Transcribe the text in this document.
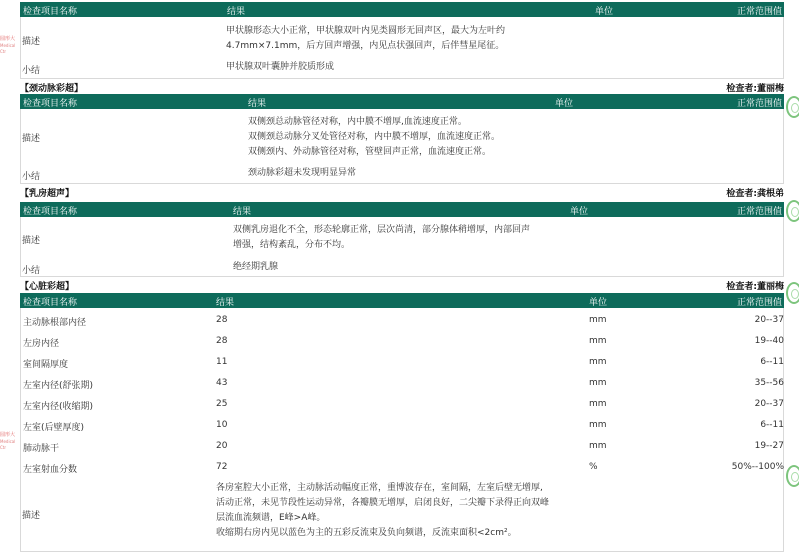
检查项目名称	结果	单位	正常范围值
描述
甲状腺形态大小正常，甲状腺双叶内见类圆形无回声区，最大为左叶约
4.7mm×7.1mm，后方回声增强，内见点状强回声，后伴彗星尾征。
小结	甲状腺双叶囊肿并胶质形成
【颈动脉彩超】	检查者:董丽梅
检查项目名称	结果	单位	正常范围值
描述
双侧颈总动脉管径对称，内中膜不增厚,血流速度正常。
双侧颈总动脉分叉处管径对称，内中膜不增厚，血流速度正常。
双侧颈内、外动脉管径对称，管壁回声正常，血流速度正常。
小结	颈动脉彩超未发现明显异常
【乳房超声】	检查者:龚根弟
检查项目名称	结果	单位	正常范围值
描述
双侧乳房退化不全，形态轮廓正常，层次尚清，部分腺体稍增厚，内部回声
增强，结构紊乱，分布不均。
小结	绝经期乳腺
【心脏彩超】	检查者:董丽梅
检查项目名称	结果	单位	正常范围值
主动脉根部内径	28	mm	20--37
左房内径	28	mm	19--40
室间隔厚度	11	mm	6--11
左室内径(舒张期)	43	mm	35--56
左室内径(收缩期)	25	mm	20--37
左室(后壁厚度)	10	mm	6--11
肺动脉干	20	mm	19--27
左室射血分数	72	%	50%--100%
描述
各房室腔大小正常，主动脉活动幅度正常，重博波存在，室间隔，左室后壁无增厚,
活动正常，未见节段性运动异常，各瓣膜无增厚，启闭良好，二尖瓣下录得正向双峰
层流血流频谱，E峰>A峰。
收缩期右房内见以蓝色为主的五彩反流束及负向频谱，反流束面积<2cm²。
圆形大
Medical Ctr
圆形大
Medical Ctr
